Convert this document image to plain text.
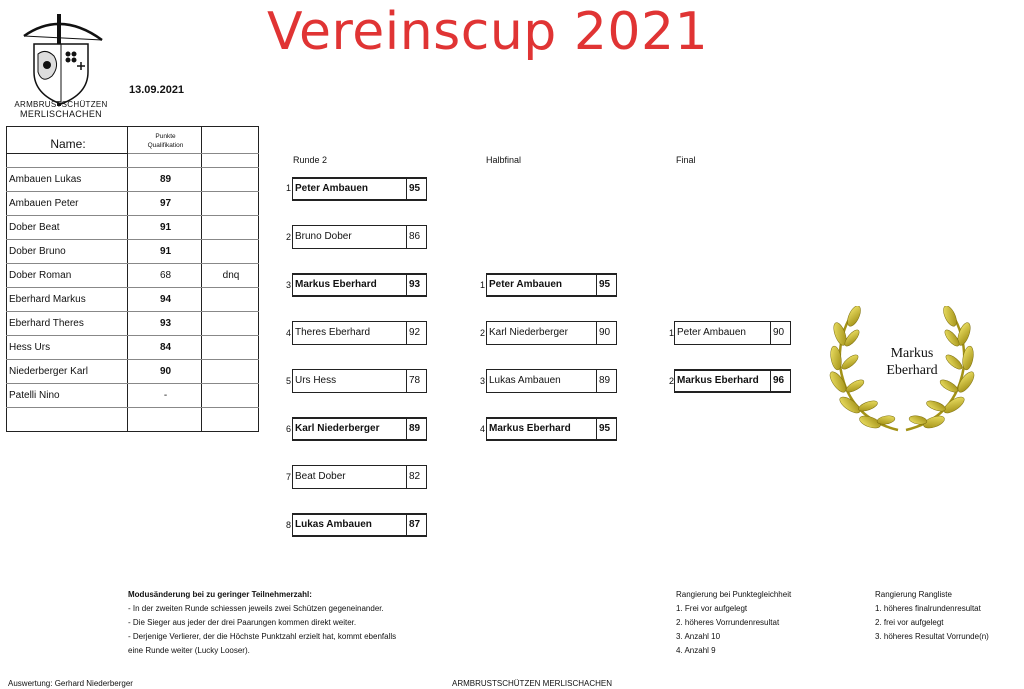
ARMBRUSTSCHÜTZEN
MERLISCHACHEN
Vereinscup 2021
13.09.2021
Name:	Punkte
Qualifikation	

Ambauen Lukas	89	
Ambauen Peter	97	
Dober Beat	91	
Dober Bruno	91	
Dober Roman	68	dnq
Eberhard Markus	94	
Eberhard Theres	93	
Hess Urs	84	
Niederberger Karl	90	
Patelli Nino	-	

Runde 2	Halbfinal	Final
1 Peter Ambauen	95
2 Bruno Dober	86
3 Markus Eberhard	93
4 Theres Eberhard	92
5 Urs Hess	78
6 Karl Niederberger	89
7 Beat Dober	82
8 Lukas Ambauen	87
1 Peter Ambauen	95
2 Karl Niederberger	90
3 Lukas Ambauen	89
4 Markus Eberhard	95
1 Peter Ambauen	90
2 Markus Eberhard	96
Markus
Eberhard
Modusänderung bei zu geringer Teilnehmerzahl:
- In der zweiten Runde schiessen jeweils zwei Schützen gegeneinander.
- Die Sieger aus jeder der drei Paarungen kommen direkt weiter.
- Derjenige Verlierer, der die Höchste Punktzahl erzielt hat, kommt ebenfalls
eine Runde weiter (Lucky Looser).
Rangierung bei Punktegleichheit
1. Frei vor aufgelegt
2. höheres Vorrundenresultat
3. Anzahl 10
4. Anzahl 9
Rangierung Rangliste
1. höheres finalrundenresultat
2. frei vor aufgelegt
3. höheres Resultat Vorrunde(n)
Auswertung: Gerhard Niederberger	ARMBRUSTSCHÜTZEN MERLISCHACHEN
